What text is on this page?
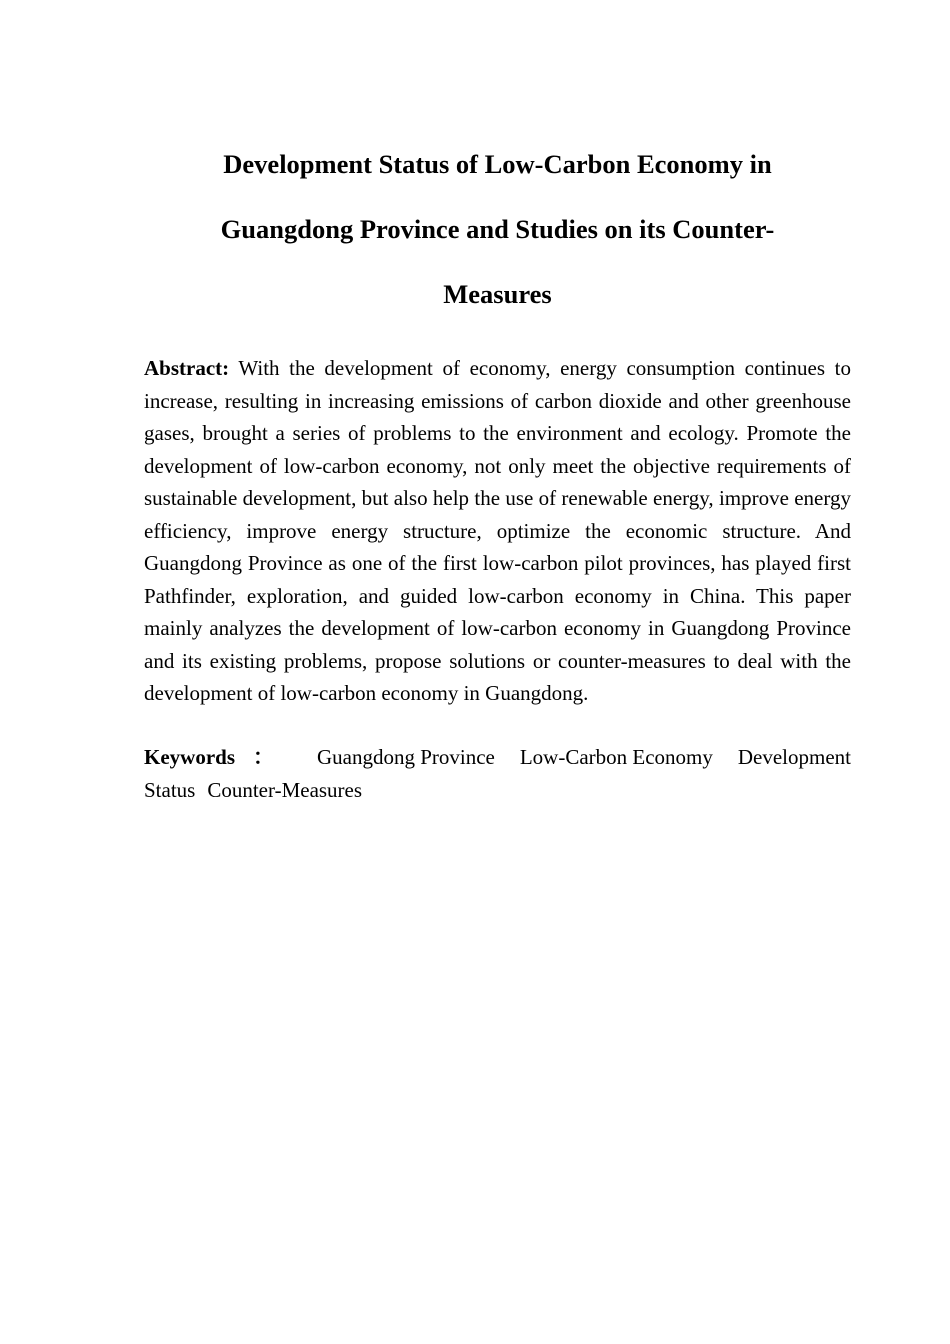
Development Status of Low-Carbon Economy in
Guangdong Province and Studies on its Counter-
Measures

Abstract: With the development of economy, energy consumption continues to increase, resulting in increasing emissions of carbon dioxide and other greenhouse gases, brought a series of problems to the environment and ecology. Promote the development of low-carbon economy, not only meet the objective requirements of sustainable development, but also help the use of renewable energy, improve energy efficiency, improve energy structure, optimize the economic structure. And Guangdong Province as one of the first low-carbon pilot provinces, has played first Pathfinder, exploration, and guided low-carbon economy in China. This paper mainly analyzes the development of low-carbon economy in Guangdong Province and its existing problems, propose solutions or counter-measures to deal with the development of low-carbon economy in Guangdong.

Keywords ： Guangdong Province Low-Carbon Economy Development
Status Counter-Measures
